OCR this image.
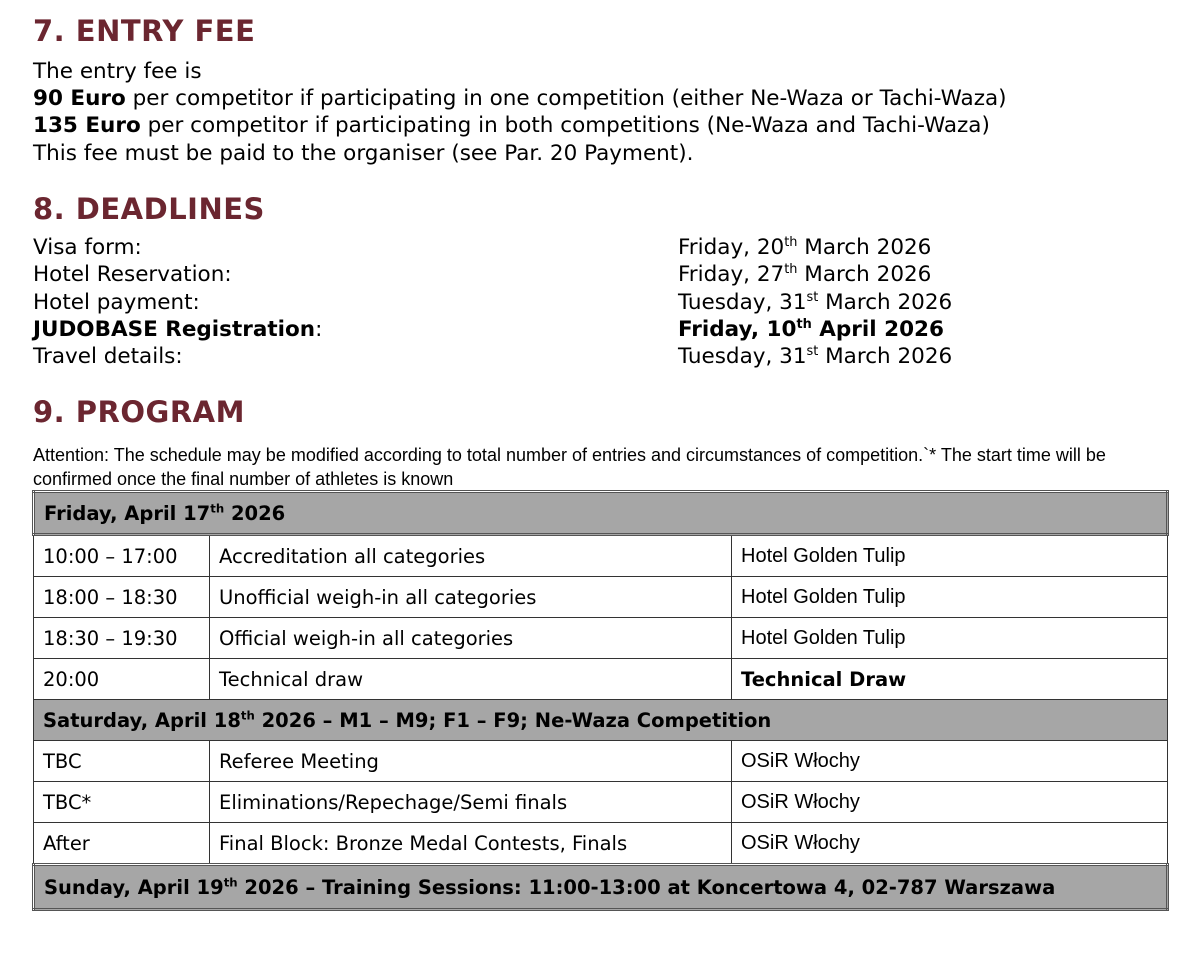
7. ENTRY FEE
The entry fee is
90 Euro per competitor if participating in one competition (either Ne-Waza or Tachi-Waza)
135 Euro per competitor if participating in both competitions (Ne-Waza and Tachi-Waza)
This fee must be paid to the organiser (see Par. 20 Payment).
8. DEADLINES
Visa form:	Friday, 20th March 2026
Hotel Reservation:	Friday, 27th March 2026
Hotel payment:	Tuesday, 31st March 2026
JUDOBASE Registration:	Friday, 10th April 2026
Travel details:	Tuesday, 31st March 2026
9. PROGRAM
Attention: The schedule may be modified according to total number of entries and circumstances of competition.`* The start time will be confirmed once the final number of athletes is known
Friday, April 17th 2026		
10:00 – 17:00	Accreditation all categories	Hotel Golden Tulip
18:00 – 18:30	Unofficial weigh-in all categories	Hotel Golden Tulip
18:30 – 19:30	Official weigh-in all categories	Hotel Golden Tulip
20:00	Technical draw	Technical Draw
Saturday, April 18th 2026 – M1 – M9; F1 – F9; Ne-Waza Competition		
TBC	Referee Meeting	OSiR Włochy
TBC*	Eliminations/Repechage/Semi finals	OSiR Włochy
After	Final Block: Bronze Medal Contests, Finals	OSiR Włochy
Sunday, April 19th 2026 – Training Sessions: 11:00-13:00 at Koncertowa 4, 02-787 Warszawa		
